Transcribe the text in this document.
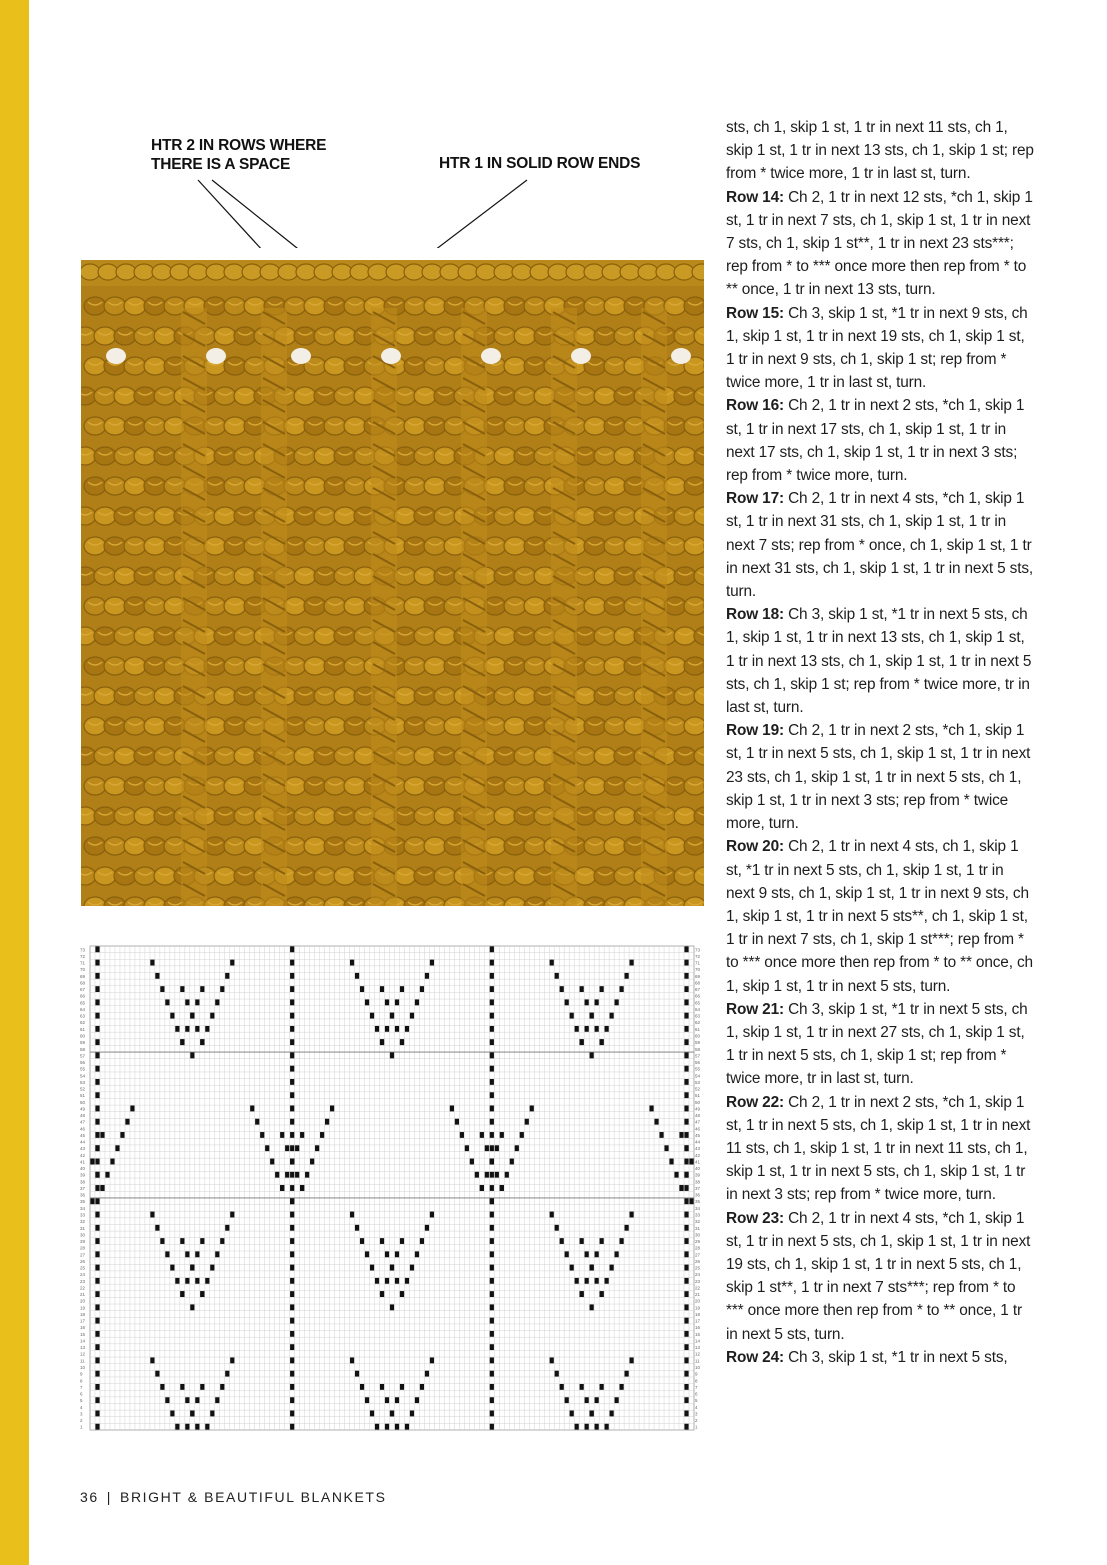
HTR 2 IN ROWS WHERE THERE IS A SPACE	HTR 1 IN SOLID ROW ENDS
73	73
72	72
71	71
70	70
69	69
68	68
67	67
66	66
65	65
64	64
63	63
62	62
61	61
60	60
59	59
58	58
57	57
56	56
55	55
54	54
53	53
52	52
51	51
50	50
49	49
48	48
47	47
46	46
45	45
44	44
43	43
42	42
41	41
40	40
39	39
38	38
37	37
36	36
35	35
34	34
33	33
32	32
31	31
30	30
29	29
28	28
27	27
26	26
25	25
24	24
23	23
22	22
21	21
20	20
19	19
18	18
17	17
16	16
15	15
14	14
13	13
12	12
11	11
10	10
9	9
8	8
7	7
6	6
5	5
4	4
3	3
2	2
1	1

sts, ch 1, skip 1 st, 1 tr in next 11 sts, ch 1, skip 1 st, 1 tr in next 13 sts, ch 1, skip 1 st; rep from * twice more, 1 tr in last st, turn.

Row 14: Ch 2, 1 tr in next 12 sts, *ch 1, skip 1 st, 1 tr in next 7 sts, ch 1, skip 1 st, 1 tr in next 7 sts, ch 1, skip 1 st**, 1 tr in next 23 sts***; rep from * to *** once more then rep from * to ** once, 1 tr in next 13 sts, turn.

Row 15: Ch 3, skip 1 st, *1 tr in next 9 sts, ch 1, skip 1 st, 1 tr in next 19 sts, ch 1, skip 1 st, 1 tr in next 9 sts, ch 1, skip 1 st; rep from * twice more, 1 tr in last st, turn.

Row 16: Ch 2, 1 tr in next 2 sts, *ch 1, skip 1 st, 1 tr in next 17 sts, ch 1, skip 1 st, 1 tr in next 17 sts, ch 1, skip 1 st, 1 tr in next 3 sts; rep from * twice more, turn.

Row 17: Ch 2, 1 tr in next 4 sts, *ch 1, skip 1 st, 1 tr in next 31 sts, ch 1, skip 1 st, 1 tr in next 7 sts; rep from * once, ch 1, skip 1 st, 1 tr in next 31 sts, ch 1, skip 1 st, 1 tr in next 5 sts, turn.

Row 18: Ch 3, skip 1 st, *1 tr in next 5 sts, ch 1, skip 1 st, 1 tr in next 13 sts, ch 1, skip 1 st, 1 tr in next 13 sts, ch 1, skip 1 st, 1 tr in next 5 sts, ch 1, skip 1 st; rep from * twice more, tr in last st, turn.

Row 19: Ch 2, 1 tr in next 2 sts, *ch 1, skip 1 st, 1 tr in next 5 sts, ch 1, skip 1 st, 1 tr in next 23 sts, ch 1, skip 1 st, 1 tr in next 5 sts, ch 1, skip 1 st, 1 tr in next 3 sts; rep from * twice more, turn.

Row 20: Ch 2, 1 tr in next 4 sts, ch 1, skip 1 st, *1 tr in next 5 sts, ch 1, skip 1 st, 1 tr in next 9 sts, ch 1, skip 1 st, 1 tr in next 9 sts, ch 1, skip 1 st, 1 tr in next 5 sts**, ch 1, skip 1 st, 1 tr in next 7 sts, ch 1, skip 1 st***; rep from * to *** once more then rep from * to ** once, ch 1, skip 1 st, 1 tr in next 5 sts, turn.

Row 21: Ch 3, skip 1 st, *1 tr in next 5 sts, ch 1, skip 1 st, 1 tr in next 27 sts, ch 1, skip 1 st, 1 tr in next 5 sts, ch 1, skip 1 st; rep from * twice more, tr in last st, turn.

Row 22: Ch 2, 1 tr in next 2 sts, *ch 1, skip 1 st, 1 tr in next 5 sts, ch 1, skip 1 st, 1 tr in next 11 sts, ch 1, skip 1 st, 1 tr in next 11 sts, ch 1, skip 1 st, 1 tr in next 5 sts, ch 1, skip 1 st, 1 tr in next 3 sts; rep from * twice more, turn.

Row 23: Ch 2, 1 tr in next 4 sts, *ch 1, skip 1 st, 1 tr in next 5 sts, ch 1, skip 1 st, 1 tr in next 19 sts, ch 1, skip 1 st, 1 tr in next 5 sts, ch 1, skip 1 st**, 1 tr in next 7 sts***; rep from * to *** once more then rep from * to ** once, 1 tr in next 5 sts, turn.

Row 24: Ch 3, skip 1 st, *1 tr in next 5 sts,

36 | BRIGHT & BEAUTIFUL BLANKETS
